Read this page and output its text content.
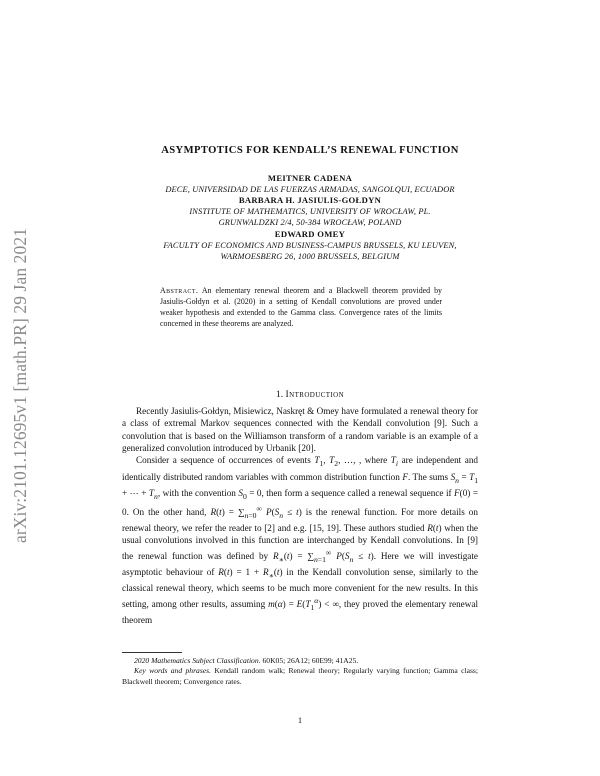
arXiv:2101.12695v1 [math.PR] 29 Jan 2021
ASYMPTOTICS FOR KENDALL’S RENEWAL FUNCTION
MEITNER CADENA
DECE, UNIVERSIDAD DE LAS FUERZAS ARMADAS, SANGOLQUI, ECUADOR
BARBARA H. JASIULIS-GOŁDYN
INSTITUTE OF MATHEMATICS, UNIVERSITY OF WROCŁAW, PL.
GRUNWALDZKI 2/4, 50-384 WROCŁAW, POLAND
EDWARD OMEY
FACULTY OF ECONOMICS AND BUSINESS-CAMPUS BRUSSELS, KU LEUVEN,
WARMOESBERG 26, 1000 BRUSSELS, BELGIUM
Abstract. An elementary renewal theorem and a Blackwell theorem provided by Jasiulis-Gołdyn et al. (2020) in a setting of Kendall convolutions are proved under weaker hypothesis and extended to the Gamma class. Convergence rates of the limits concerned in these theorems are analyzed.
1. Introduction

Recently Jasiulis-Gołdyn, Misiewicz, Naskręt & Omey have formulated a renewal theory for a class of extremal Markov sequences connected with the Kendall convolution [9]. Such a convolution that is based on the Williamson transform of a random variable is an example of a generalized convolution introduced by Urbanik [20].

Consider a sequence of occurrences of events $T_1$, $T_2$, …, , where $T_i$ are independent and identically distributed random variables with common distribution function F. The sums $S_n = T_1$ + ⋯ + $T_n$, with the convention $S_0 = 0$, then form a sequence called a renewal sequence if F(0) = 0. On the other hand, $R(t) = \sum_{n=0}^\infty$ $P(S_n \le t)$ is the renewal function. For more details on renewal theory, we refer the reader to [2] and e.g. [15, 19]. These authors studied R(t) when the usual convolutions involved in this function are interchanged by Kendall convolutions. In [9] the renewal function was defined by $R_∗(t) = \sum_{n=1}^\infty$ $P(S_n \le t)$. Here we will investigate asymptotic behaviour of $R(t) = 1 + R_∗(t)$ in the Kendall convolution sense, similarly to the classical renewal theory, which seems to be much more convenient for the new results. In this setting, among other results, assuming $m(\alpha) = E(T_1^\alpha)$ < ∞, they proved the elementary renewal theorem

2020 Mathematics Subject Classification. 60K05; 26A12; 60E99; 41A25.

Key words and phrases. Kendall random walk; Renewal theory; Regularly varying function; Gamma class; Blackwell theorem; Convergence rates.

1
